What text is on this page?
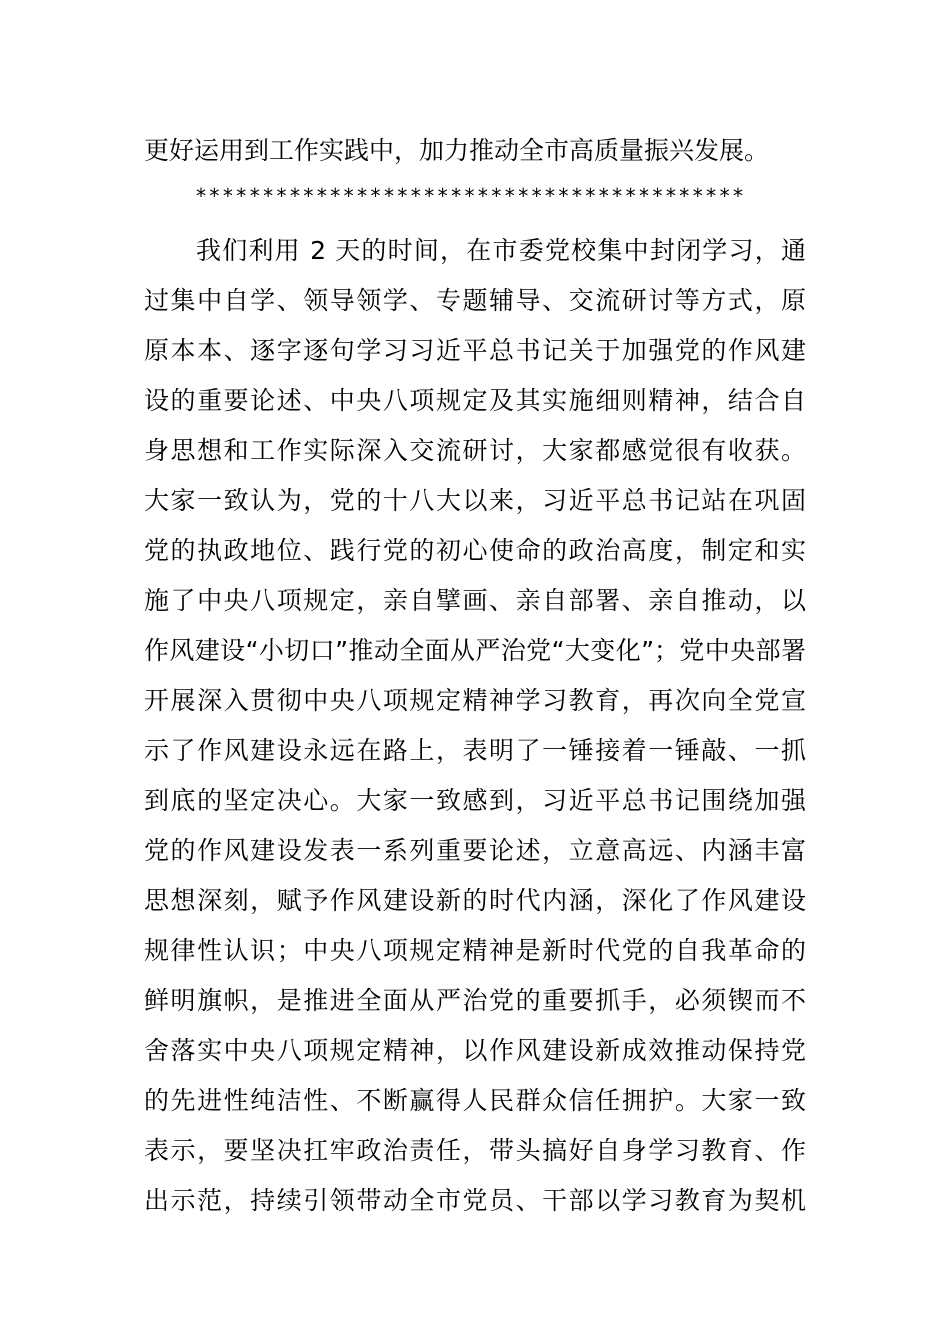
更好运用到工作实践中，加力推动全市高质量振兴发展。
*****************************************
我们利用 2 天的时间，在市委党校集中封闭学习，通
过集中自学、领导领学、专题辅导、交流研讨等方式，原
原本本、逐字逐句学习习近平总书记关于加强党的作风建
设的重要论述、中央八项规定及其实施细则精神，结合自
身思想和工作实际深入交流研讨，大家都感觉很有收获。
大家一致认为，党的十八大以来，习近平总书记站在巩固
党的执政地位、践行党的初心使命的政治高度，制定和实
施了中央八项规定，亲自擘画、亲自部署、亲自推动，以
作风建设“小切口”推动全面从严治党“大变化”；党中央部署
开展深入贯彻中央八项规定精神学习教育，再次向全党宣
示了作风建设永远在路上，表明了一锤接着一锤敲、一抓
到底的坚定决心。大家一致感到，习近平总书记围绕加强
党的作风建设发表一系列重要论述，立意高远、内涵丰富
思想深刻，赋予作风建设新的时代内涵，深化了作风建设
规律性认识；中央八项规定精神是新时代党的自我革命的
鲜明旗帜，是推进全面从严治党的重要抓手，必须锲而不
舍落实中央八项规定精神，以作风建设新成效推动保持党
的先进性纯洁性、不断赢得人民群众信任拥护。大家一致
表示，要坚决扛牢政治责任，带头搞好自身学习教育、作
出示范，持续引领带动全市党员、干部以学习教育为契机
